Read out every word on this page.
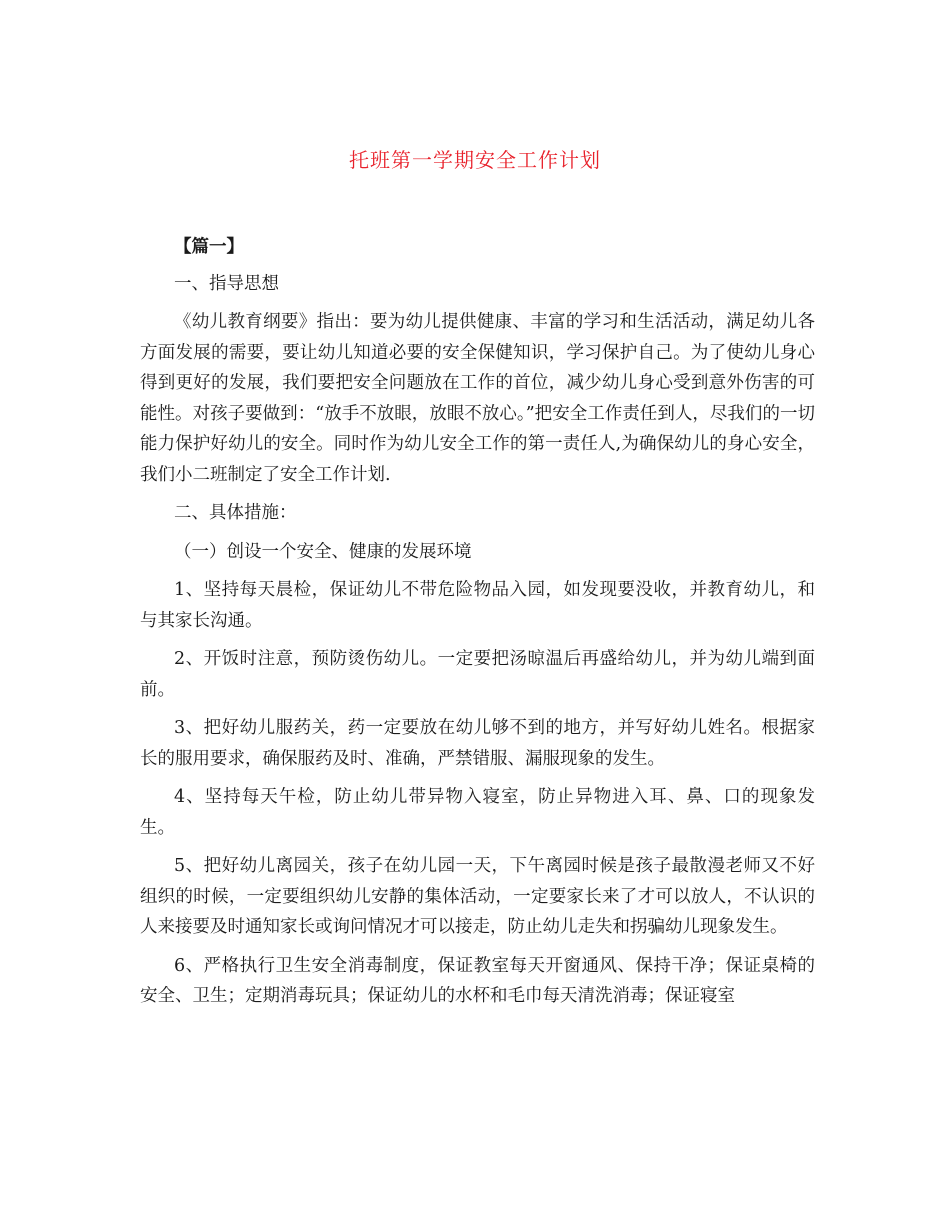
托班第一学期安全工作计划

【篇一】

一、指导思想

《幼儿教育纲要》指出：要为幼儿提供健康、丰富的学习和生活活动，满足幼儿各方面发展的需要，要让幼儿知道必要的安全保健知识，学习保护自己。为了使幼儿身心得到更好的发展，我们要把安全问题放在工作的首位，减少幼儿身心受到意外伤害的可能性。对孩子要做到：“放手不放眼，放眼不放心。”把安全工作责任到人，尽我们的一切能力保护好幼儿的安全。同时作为幼儿安全工作的第一责任人,为确保幼儿的身心安全，我们小二班制定了安全工作计划.

二、具体措施：

（一）创设一个安全、健康的发展环境

1、坚持每天晨检，保证幼儿不带危险物品入园，如发现要没收，并教育幼儿，和与其家长沟通。

2、开饭时注意，预防烫伤幼儿。一定要把汤晾温后再盛给幼儿，并为幼儿端到面前。

3、把好幼儿服药关，药一定要放在幼儿够不到的地方，并写好幼儿姓名。根据家长的服用要求，确保服药及时、准确，严禁错服、漏服现象的发生。

4、坚持每天午检，防止幼儿带异物入寝室，防止异物进入耳、鼻、口的现象发生。

5、把好幼儿离园关，孩子在幼儿园一天，下午离园时候是孩子最散漫老师又不好组织的时候，一定要组织幼儿安静的集体活动，一定要家长来了才可以放人，不认识的人来接要及时通知家长或询问情况才可以接走，防止幼儿走失和拐骗幼儿现象发生。

6、严格执行卫生安全消毒制度，保证教室每天开窗通风、保持干净；保证桌椅的安全、卫生；定期消毒玩具；保证幼儿的水杯和毛巾每天清洗消毒；保证寝室
